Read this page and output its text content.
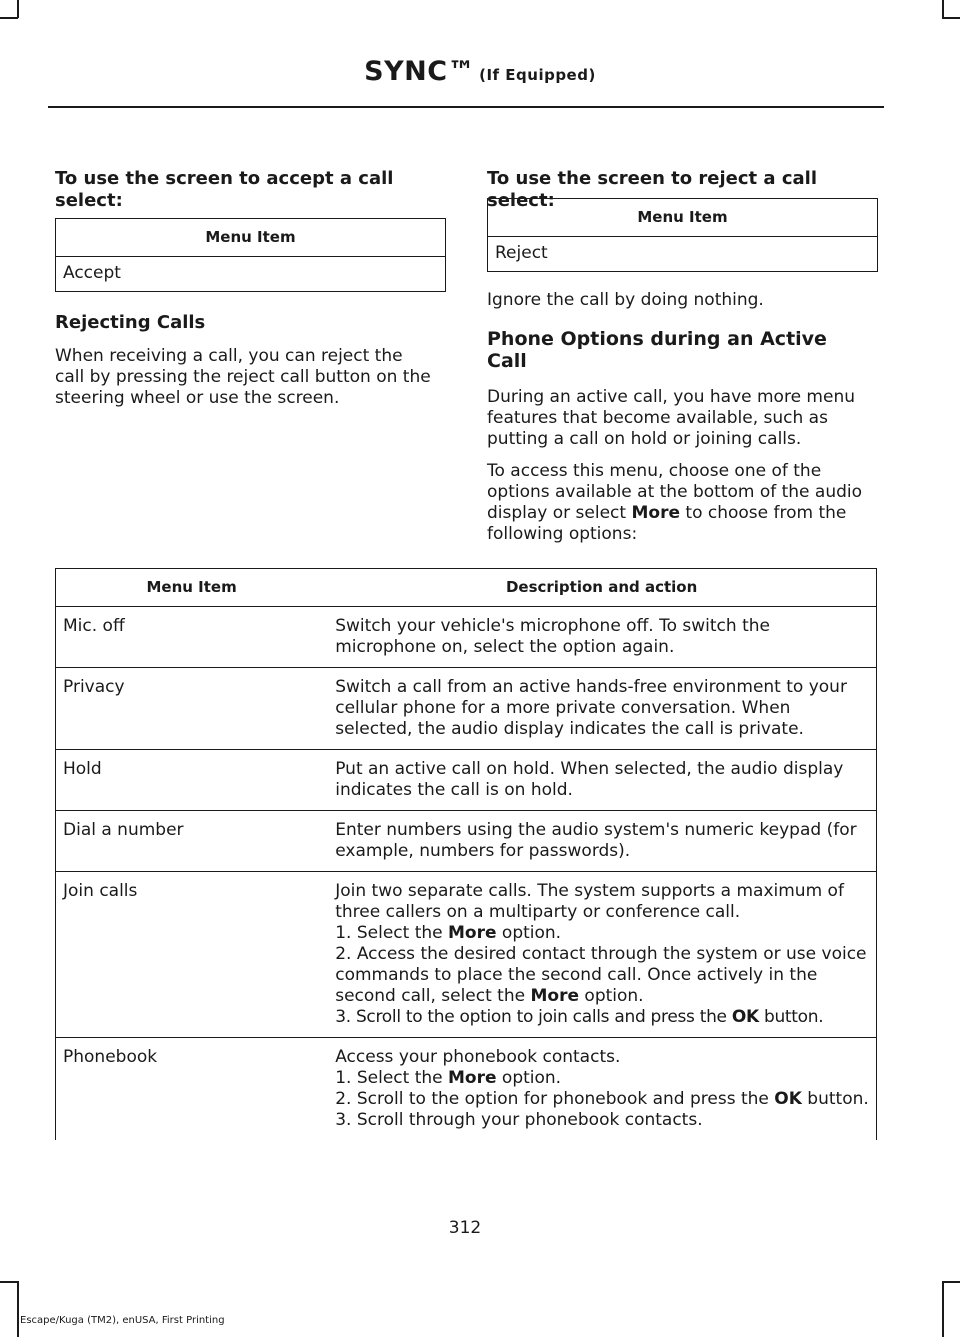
SYNC™ (If Equipped)
To use the screen to accept a call select:
Menu Item
Accept
Rejecting Calls
When receiving a call, you can reject the call by pressing the reject call button on the steering wheel or use the screen.
To use the screen to reject a call select:
Menu Item
Reject
Ignore the call by doing nothing.
Phone Options during an Active Call
During an active call, you have more menu features that become available, such as putting a call on hold or joining calls.
To access this menu, choose one of the options available at the bottom of the audio display or select More to choose from the following options:
Menu Item	Description and action
Mic. off	Switch your vehicle's microphone off. To switch the microphone on, select the option again.
Privacy	Switch a call from an active hands-free environment to your cellular phone for a more private conversation. When selected, the audio display indicates the call is private.
Hold	Put an active call on hold. When selected, the audio display indicates the call is on hold.
Dial a number	Enter numbers using the audio system's numeric keypad (for example, numbers for passwords).
Join calls	Join two separate calls. The system supports a maximum of three callers on a multiparty or conference call.
1. Select the More option.
2. Access the desired contact through the system or use voice commands to place the second call. Once actively in the second call, select the More option.
3. Scroll to the option to join calls and press the OK button.

Phonebook	Access your phonebook contacts.
1. Select the More option.
2. Scroll to the option for phonebook and press the OK button.
3. Scroll through your phonebook contacts.
312
Escape/Kuga (TM2), enUSA, First Printing
